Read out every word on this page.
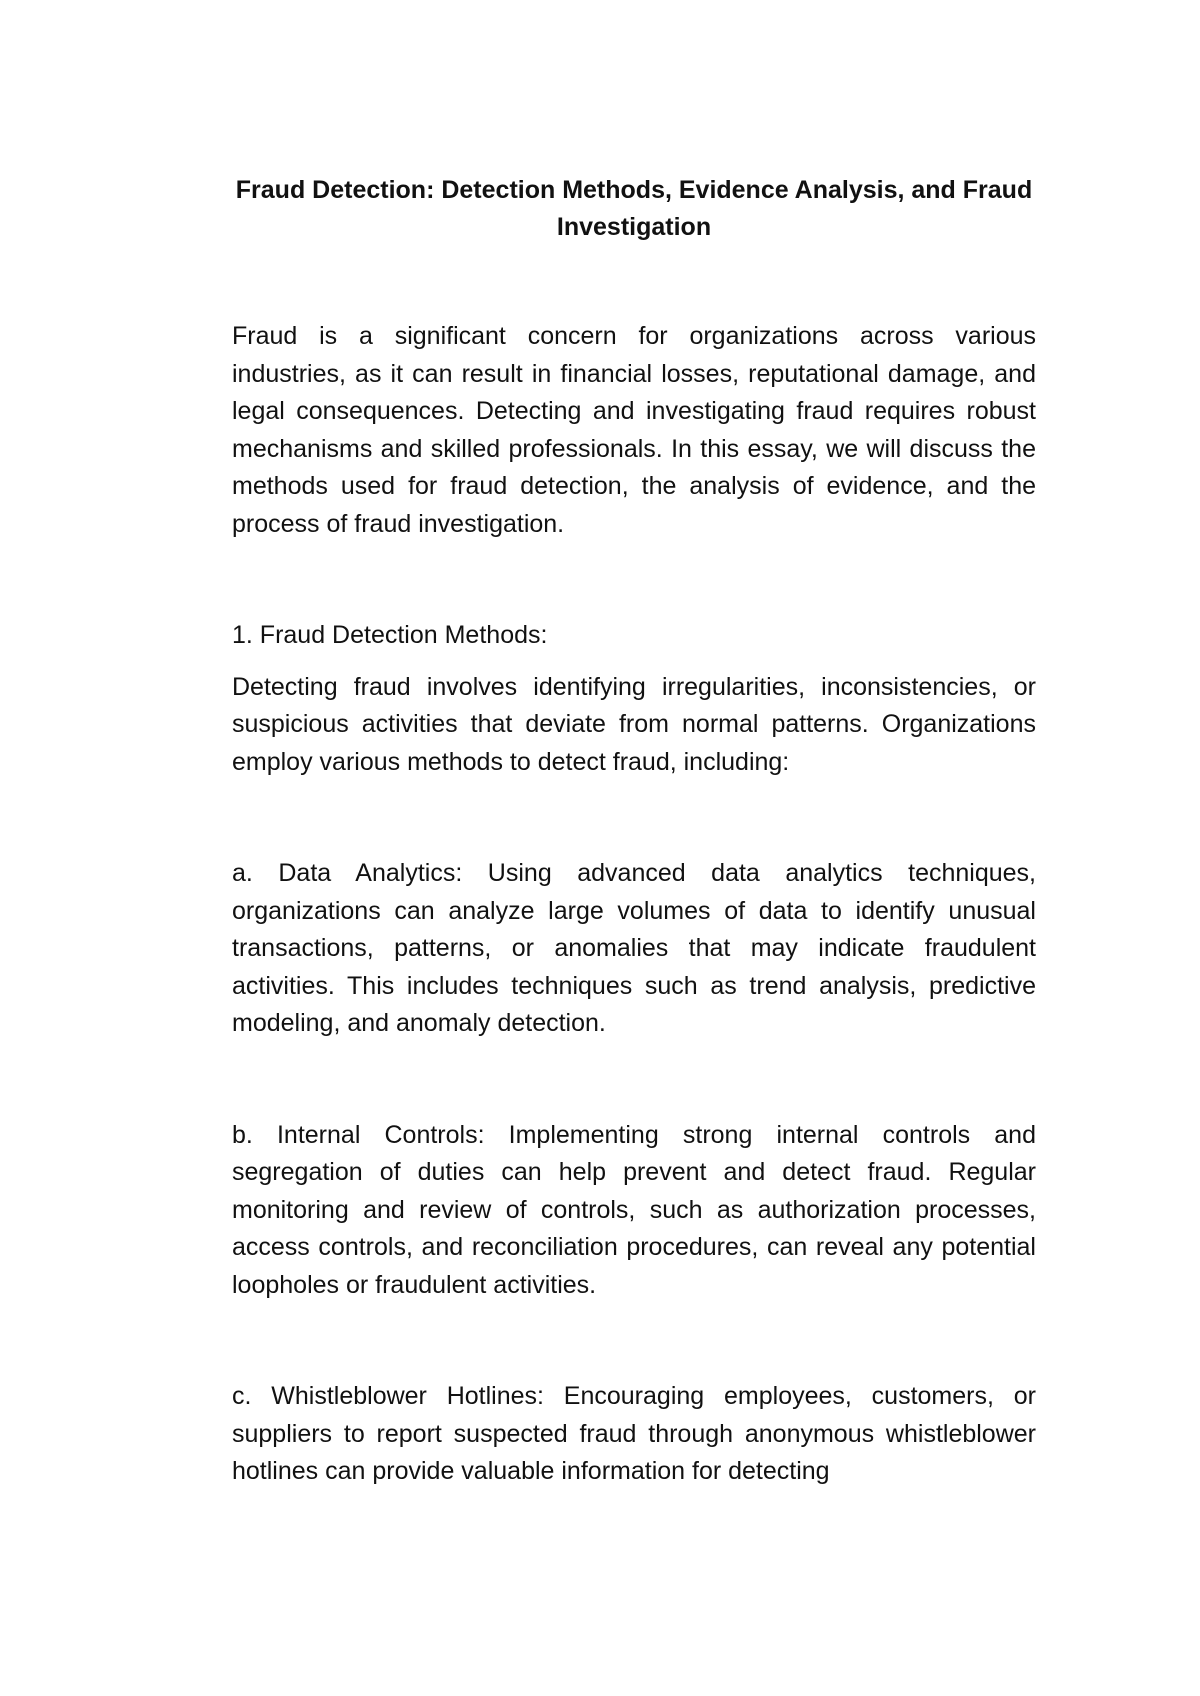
Fraud Detection: Detection Methods, Evidence Analysis, and Fraud
Investigation

Fraud is a significant concern for organizations across various industries, as it can result in financial losses, reputational damage, and legal consequences. Detecting and investigating fraud requires robust mechanisms and skilled professionals. In this essay, we will discuss the methods used for fraud detection, the analysis of evidence, and the process of fraud investigation.

1. Fraud Detection Methods:

Detecting fraud involves identifying irregularities, inconsistencies, or suspicious activities that deviate from normal patterns. Organizations employ various methods to detect fraud, including:

a. Data Analytics: Using advanced data analytics techniques, organizations can analyze large volumes of data to identify unusual transactions, patterns, or anomalies that may indicate fraudulent activities. This includes techniques such as trend analysis, predictive modeling, and anomaly detection.

b. Internal Controls: Implementing strong internal controls and segregation of duties can help prevent and detect fraud. Regular monitoring and review of controls, such as authorization processes, access controls, and reconciliation procedures, can reveal any potential loopholes or fraudulent activities.

c. Whistleblower Hotlines: Encouraging employees, customers, or suppliers to report suspected fraud through anonymous whistleblower hotlines can provide valuable information for detecting
